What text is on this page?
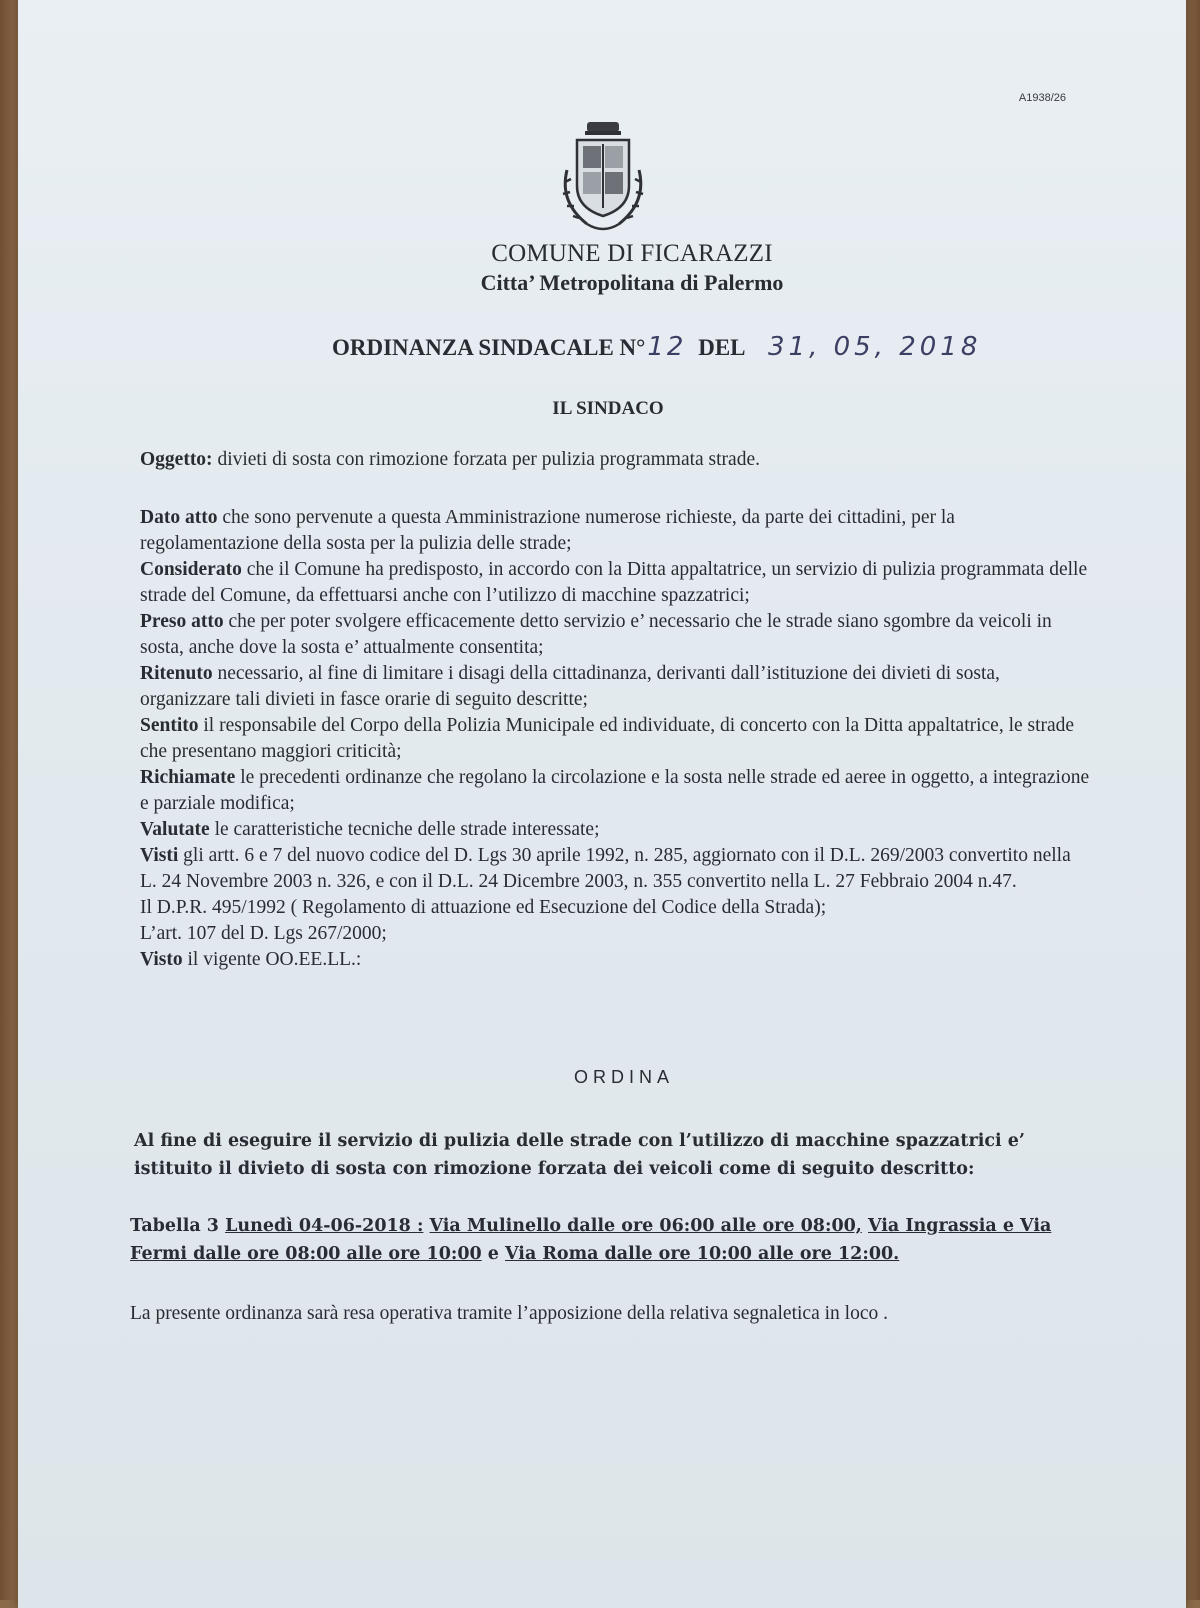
A1938/26
COMUNE DI FICARAZZI
Citta’ Metropolitana di Palermo
ORDINANZA SINDACALE N°12 DEL 31, 05, 2018
IL SINDACO
Oggetto: divieti di sosta con rimozione forzata per pulizia programmata strade.

Dato atto che sono pervenute a questa Amministrazione numerose richieste, da parte dei cittadini, per la regolamentazione della sosta per la pulizia delle strade;

Considerato che il Comune ha predisposto, in accordo con la Ditta appaltatrice, un servizio di pulizia programmata delle strade del Comune, da effettuarsi anche con l’utilizzo di macchine spazzatrici;

Preso atto che per poter svolgere efficacemente detto servizio e’ necessario che le strade siano sgombre da veicoli in sosta, anche dove la sosta e’ attualmente consentita;

Ritenuto necessario, al fine di limitare i disagi della cittadinanza, derivanti dall’istituzione dei divieti di sosta, organizzare tali divieti in fasce orarie di seguito descritte;

Sentito il responsabile del Corpo della Polizia Municipale ed individuate, di concerto con la Ditta appaltatrice, le strade che presentano maggiori criticità;

Richiamate le precedenti ordinanze che regolano la circolazione e la sosta nelle strade ed aeree in oggetto, a integrazione e parziale modifica;

Valutate le caratteristiche tecniche delle strade interessate;

Visti gli artt. 6 e 7 del nuovo codice del D. Lgs 30 aprile 1992, n. 285, aggiornato con il D.L. 269/2003 convertito nella L. 24 Novembre 2003 n. 326, e con il D.L. 24 Dicembre 2003, n. 355 convertito nella L. 27 Febbraio 2004 n.47.

Il D.P.R. 495/1992 ( Regolamento di attuazione ed Esecuzione del Codice della Strada);

L’art. 107 del D. Lgs 267/2000;

Visto il vigente OO.EE.LL.:

ORDINA
Al fine di eseguire il servizio di pulizia delle strade con l’utilizzo di macchine spazzatrici e’ istituito il divieto di sosta con rimozione forzata dei veicoli come di seguito descritto:
Tabella 3 Lunedì 04-06-2018 : Via Mulinello dalle ore 06:00 alle ore 08:00, Via Ingrassia e Via Fermi dalle ore 08:00 alle ore 10:00 e Via Roma dalle ore 10:00 alle ore 12:00.
La presente ordinanza sarà resa operativa tramite l’apposizione della relativa segnaletica in loco .
